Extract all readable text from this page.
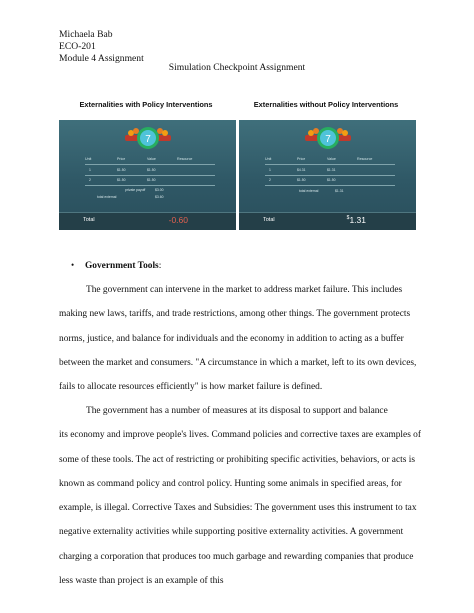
Michaela Bab
ECO-201
Module 4 Assignment
Simulation Checkpoint Assignment
Externalities with Policy Interventions	Externalities without Policy Interventions
7
Unit	Price	Value	Resource
1	$1.50	$1.50
2	$1.50	$1.50
private payoff	$3.00
total external	$3.60
Total	-0.60
7
Unit	Price	Value	Resource
1	$4.31	$1.31
2	$1.50	$1.50
total external	$1.31
Total	$1.31
• Government Tools:
The government can intervene in the market to address market failure. This includes
making new laws, tariffs, and trade restrictions, among other things. The government protects
norms, justice, and balance for individuals and the economy in addition to acting as a buffer
between the market and consumers. "A circumstance in which a market, left to its own devices,
fails to allocate resources efficiently" is how market failure is defined.
The government has a number of measures at its disposal to support and balance
its economy and improve people's lives. Command policies and corrective taxes are examples of
some of these tools. The act of restricting or prohibiting specific activities, behaviors, or acts is
known as command policy and control policy. Hunting some animals in specified areas, for
example, is illegal. Corrective Taxes and Subsidies: The government uses this instrument to tax
negative externality activities while supporting positive externality activities. A government
charging a corporation that produces too much garbage and rewarding companies that produce
less waste than project is an example of this
